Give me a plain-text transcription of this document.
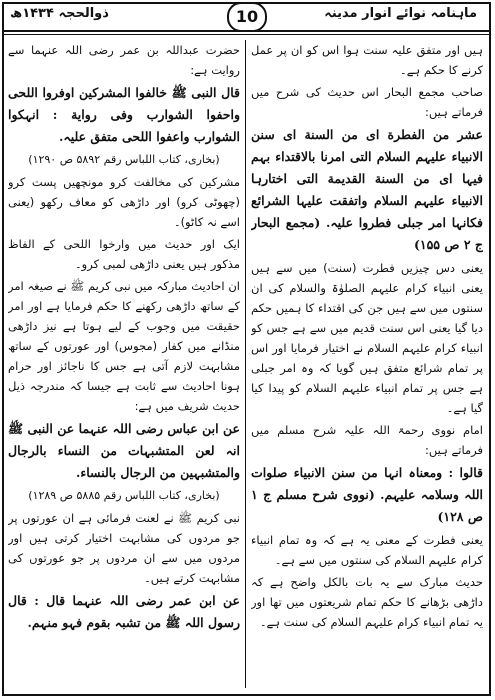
ذوالحجہ ۱۴۳۴ھ	10	ماہنامہ نوائے انوار مدینہ

ہیں اور متفق علیہ سنت ہوا اس کو ان پر عمل کرنے کا حکم ہے۔

صاحب مجمع البحار اس حدیث کی شرح میں فرماتے ہیں:

عشر من الفطرة ای من السنة ای سنن الانبیاء علیہم السلام التی امرنا بالاقتداء بہم فیہا ای من السنة القدیمة التی اختارہا الانبیاء علیہم السلام واتفقت علیہا الشرائع فکانہا امر جبلی فطروا علیہ. (مجمع البحار ج ۲ ص ۱۵۵)

یعنی دس چیزیں فطرت (سنت) میں سے ہیں یعنی انبیاء کرام علیہم الصلوٰۃ والسلام کی ان سنتوں میں سے ہیں جن کی اقتداء کا ہمیں حکم دیا گیا یعنی اس سنت قدیم میں سے ہے جس کو انبیاء کرام علیہم السلام نے اختیار فرمایا اور اس پر تمام شرائع متفق ہیں گویا کہ وہ امر جبلی ہے جس پر تمام انبیاء علیہم السلام کو پیدا کیا گیا ہے۔

امام نووی رحمۃ اللہ علیہ شرح مسلم میں فرماتے ہیں:

قالوا : ومعناہ انہا من سنن الانبیاء صلوات اللہ وسلامہ علیہم. (نووی شرح مسلم ج ۱ ص ۱۲۸)

یعنی فطرت کے معنی یہ ہے کہ وہ تمام انبیاء کرام علیہم السلام کی سنتوں میں سے ہے۔

حدیث مبارک سے یہ بات بالکل واضح ہے کہ داڑھی بڑھانے کا حکم تمام شریعتوں میں تھا اور یہ تمام انبیاء کرام علیہم السلام کی سنت ہے۔

حضرت عبداللہ بن عمر رضی اللہ عنہما سے روایت ہے:

قال النبی ﷺ خالفوا المشرکین اوفروا اللحی واحفوا الشوارب وفی روایة : انہکوا الشوارب واعفوا اللحی متفق علیہ.

(بخاری، کتاب اللباس رقم ۵۸۹۲ ص ۱۲۹۰)

مشرکین کی مخالفت کرو مونچھیں پست کرو (چھوٹی کرو) اور داڑھی کو معاف رکھو (یعنی اسے نہ کاٹو)۔

ایک اور حدیث میں وارخوا اللحی کے الفاظ مذکور ہیں یعنی داڑھی لمبی کرو۔

ان احادیث مبارکہ میں نبی کریم ﷺ نے صیغہ امر کے ساتھ داڑھی رکھنے کا حکم فرمایا ہے اور امر حقیقت میں وجوب کے لیے ہوتا ہے نیز داڑھی منڈانے میں کفار (مجوس) اور عورتوں کے ساتھ مشابہت لازم آتی ہے جس کا ناجائز اور حرام ہونا احادیث سے ثابت ہے جیسا کہ مندرجہ ذیل حدیث شریف میں ہے:

عن ابن عباس رضی اللہ عنہما عن النبی ﷺ انہ لعن المتشبہات من النساء بالرجال والمتشبہین من الرجال بالنساء.

(بخاری، کتاب اللباس رقم ۵۸۸۵ ص ۱۲۸۹)

نبی کریم ﷺ نے لعنت فرمائی ہے ان عورتوں پر جو مردوں کی مشابہت اختیار کرتی ہیں اور مردوں میں سے ان مردوں پر جو عورتوں کی مشابہت کرتے ہیں۔

عن ابن عمر رضی اللہ عنہما قال : قال رسول اللہ ﷺ من تشبہ بقوم فہو منہم.
